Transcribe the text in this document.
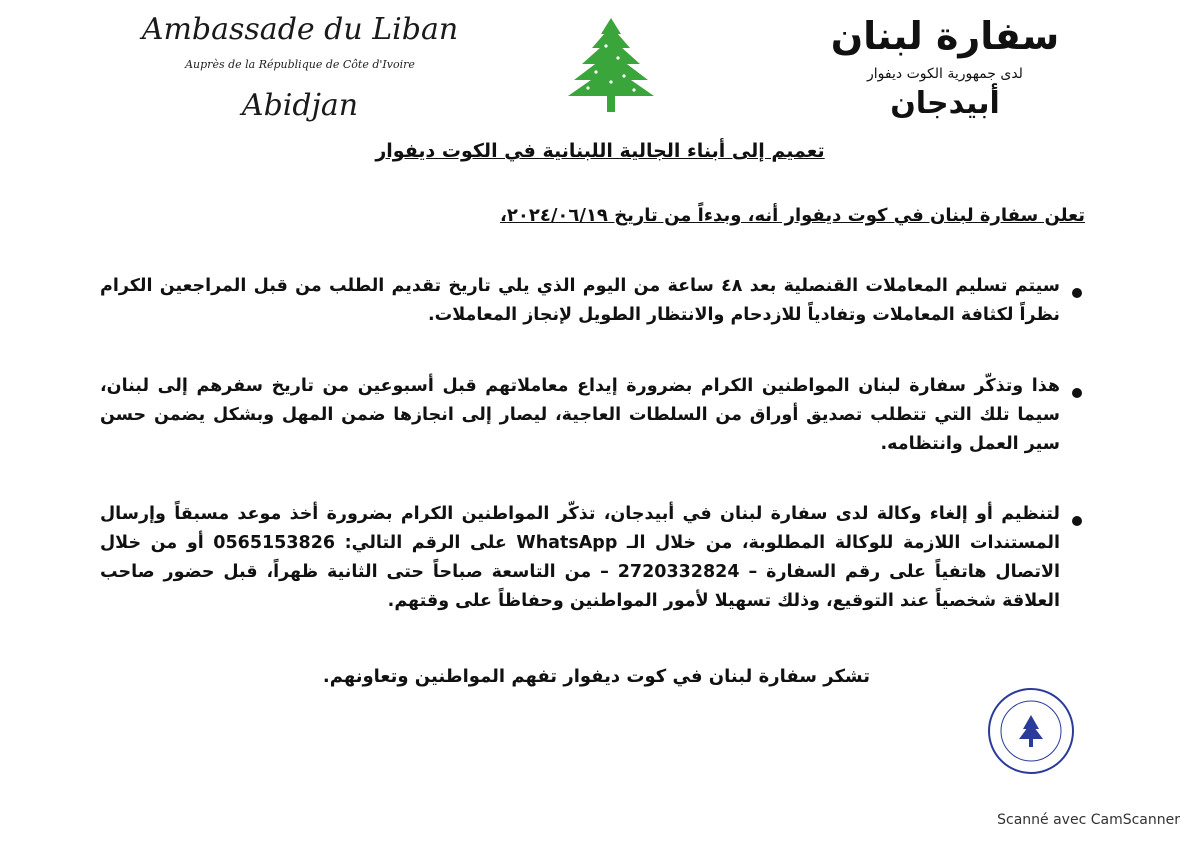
Ambassade du Liban
Auprès de la République de Côte d'Ivoire
Abidjan
سفارة لبنان
لدى جمهورية الكوت ديفوار
أبيدجان
تعميم إلى أبناء الجالية اللبنانية في الكوت ديفوار
تعلن سفارة لبنان في كوت ديفوار أنه، وبدءاً من تاريخ ٢٠٢٤/٠٦/١٩،
سيتم تسليم المعاملات القنصلية بعد ٤٨ ساعة من اليوم الذي يلي تاريخ تقديم الطلب من قبل المراجعين الكرام نظراً لكثافة المعاملات وتفادياً للازدحام والانتظار الطويل لإنجاز المعاملات.
هذا وتذكّر سفارة لبنان المواطنين الكرام بضرورة إيداع معاملاتهم قبل أسبوعين من تاريخ سفرهم إلى لبنان، سيما تلك التي تتطلب تصديق أوراق من السلطات العاجية، ليصار إلى انجازها ضمن المهل وبشكل يضمن حسن سير العمل وانتظامه.
لتنظيم أو إلغاء وكالة لدى سفارة لبنان في أبيدجان، تذكّر المواطنين الكرام بضرورة أخذ موعد مسبقاً وإرسال المستندات اللازمة للوكالة المطلوبة، من خلال الـ WhatsApp على الرقم التالي: 0565153826 أو من خلال الاتصال هاتفياً على رقم السفارة – 2720332824 – من التاسعة صباحاً حتى الثانية ظهراً، قبل حضور صاحب العلاقة شخصياً عند التوقيع، وذلك تسهيلا لأمور المواطنين وحفاظاً على وقتهم.
تشكر سفارة لبنان في كوت ديفوار تفهم المواطنين وتعاونهم.
Scanné avec CamScanner
